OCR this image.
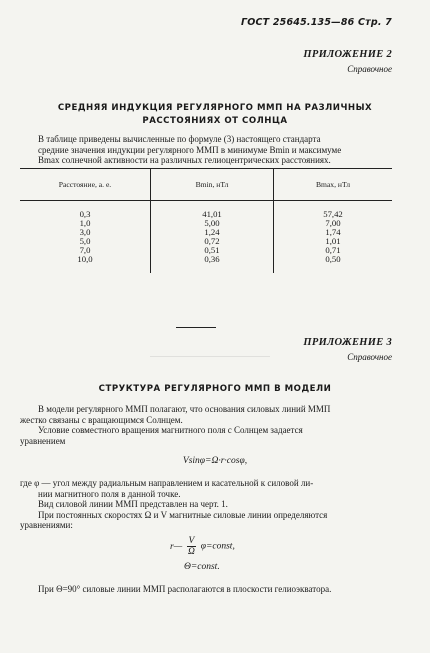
ГОСТ 25645.135—86 Стр. 7
ПРИЛОЖЕНИЕ 2
Справочное
СРЕДНЯЯ ИНДУКЦИЯ РЕГУЛЯРНОГО ММП НА РАЗЛИЧНЫХ
РАССТОЯНИЯХ ОТ СОЛНЦА
В таблице приведены вычисленные по формуле (3) настоящего стандарта
средние значения индукции регулярного ММП в минимуме Bmin и максимуме
Bmax солнечной активности на различных гелиоцентрических расстояниях.
Расстояние, а. е.	Bmin, нТл	Bmax, нТл
0,3	41,01	57,42
1,0	5,00	7,00
3,0	1,24	1,74
5,0	0,72	1,01
7,0	0,51	0,71
10,0	0,36	0,50
ПРИЛОЖЕНИЕ 3
Справочное
СТРУКТУРА РЕГУЛЯРНОГО ММП В МОДЕЛИ
В модели регулярного ММП полагают, что основания силовых линий ММП
жестко связаны с вращающимся Солнцем.
Условие совместного вращения магнитного поля с Солнцем задается
уравнением
Vsinφ=Ω·r·cosφ,
где φ — угол между радиальным направлением и касательной к силовой ли-
нии магнитного поля в данной точке.
Вид силовой линии ММП представлен на черт. 1.
При постоянных скоростях Ω и V магнитные силовые линии определяются
уравнениями:
r— $\frac{V}{\Omega}$ φ=const,
Θ=const.
При Θ=90° силовые линии ММП располагаются в плоскости гелиоэкватора.
